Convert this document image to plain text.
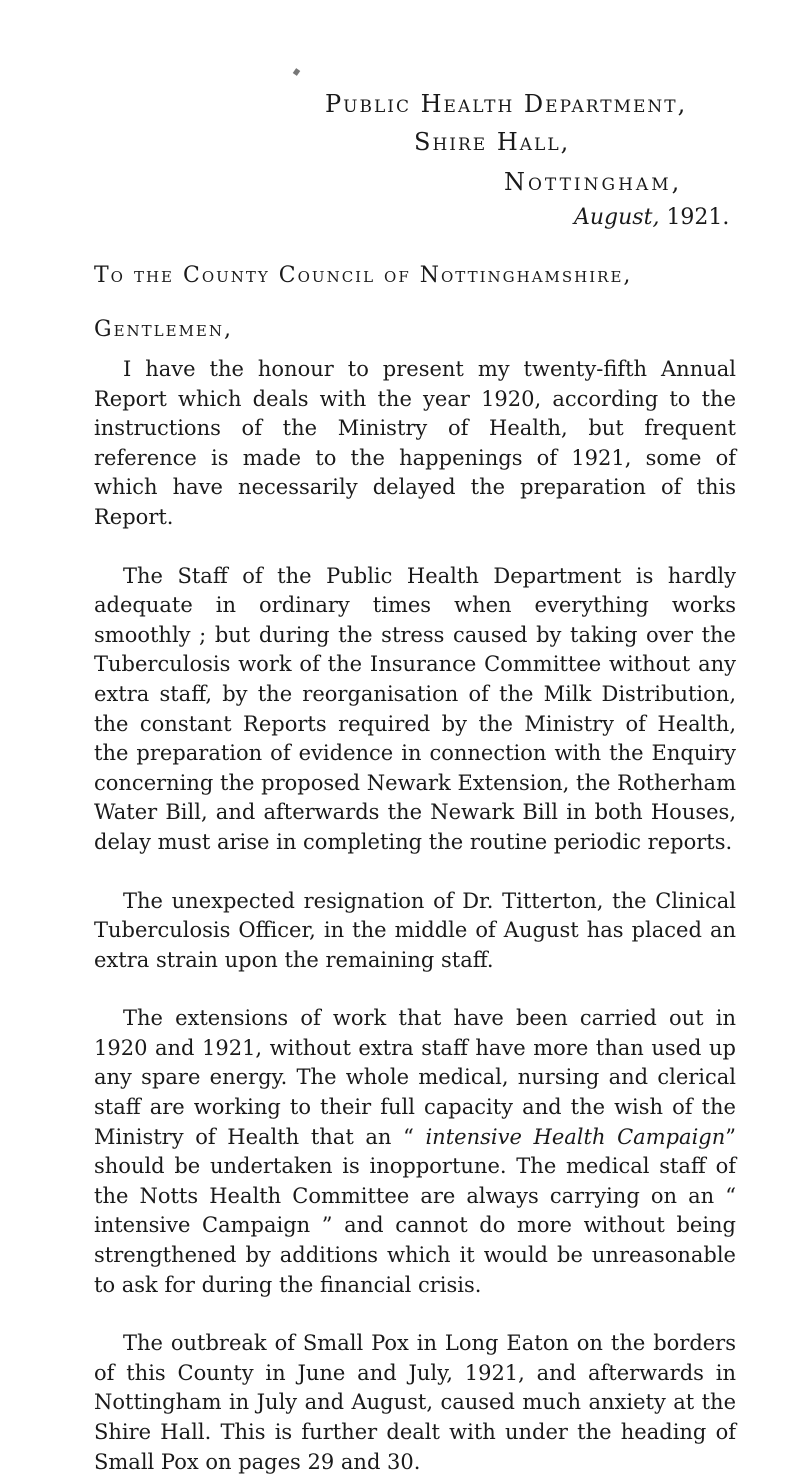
Public Health Department,
Shire Hall,
Nottingham,
August, 1921.
To the County Council of Nottinghamshire,
Gentlemen,

I have the honour to present my twenty-fifth Annual Report which deals with the year 1920, according to the instructions of the Ministry of Health, but frequent reference is made to the happenings of 1921, some of which have necessarily delayed the preparation of this Report.

The Staff of the Public Health Department is hardly adequate in ordinary times when everything works smoothly ; but during the stress caused by taking over the Tuberculosis work of the Insurance Committee without any extra staff, by the reorganisation of the Milk Distribution, the constant Reports required by the Ministry of Health, the preparation of evidence in connection with the Enquiry concerning the proposed Newark Extension, the Rotherham Water Bill, and afterwards the Newark Bill in both Houses, delay must arise in completing the routine periodic reports.

The unexpected resignation of Dr. Titterton, the Clinical Tuberculosis Officer, in the middle of August has placed an extra strain upon the remaining staff.

The extensions of work that have been carried out in 1920 and 1921, without extra staff have more than used up any spare energy. The whole medical, nursing and clerical staff are working to their full capacity and the wish of the Ministry of Health that an “ intensive Health Campaign” should be undertaken is inopportune. The medical staff of the Notts Health Committee are always carrying on an “ intensive Campaign ” and cannot do more without being strengthened by additions which it would be unreasonable to ask for during the financial crisis.

The outbreak of Small Pox in Long Eaton on the borders of this County in June and July, 1921, and afterwards in Nottingham in July and August, caused much anxiety at the Shire Hall. This is further dealt with under the heading of Small Pox on pages 29 and 30.
